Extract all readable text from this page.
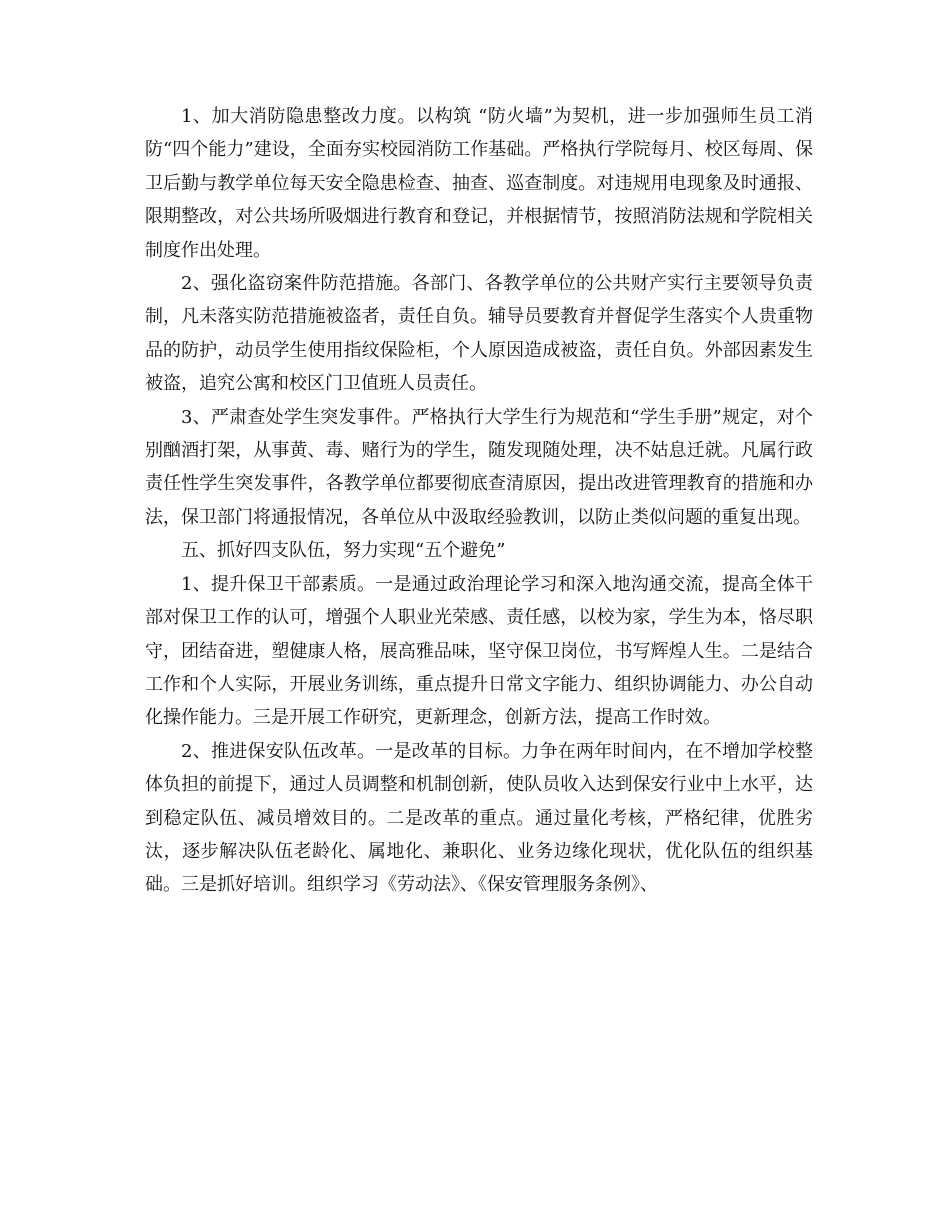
1、加大消防隐患整改力度。以构筑 “防火墙”为契机，进一步加强师生员工消防“四个能力”建设，全面夯实校园消防工作基础。严格执行学院每月、校区每周、保卫后勤与教学单位每天安全隐患检查、抽查、巡查制度。对违规用电现象及时通报、限期整改，对公共场所吸烟进行教育和登记，并根据情节，按照消防法规和学院相关制度作出处理。

2、强化盗窃案件防范措施。各部门、各教学单位的公共财产实行主要领导负责制，凡未落实防范措施被盗者，责任自负。辅导员要教育并督促学生落实个人贵重物品的防护，动员学生使用指纹保险柜，个人原因造成被盗，责任自负。外部因素发生被盗，追究公寓和校区门卫值班人员责任。

3、严肃查处学生突发事件。严格执行大学生行为规范和“学生手册”规定，对个别酗酒打架，从事黄、毒、赌行为的学生，随发现随处理，决不姑息迁就。凡属行政责任性学生突发事件，各教学单位都要彻底查清原因，提出改进管理教育的措施和办法，保卫部门将通报情况，各单位从中汲取经验教训，以防止类似问题的重复出现。

五、抓好四支队伍，努力实现“五个避免”

1、提升保卫干部素质。一是通过政治理论学习和深入地沟通交流，提高全体干部对保卫工作的认可，增强个人职业光荣感、责任感，以校为家，学生为本，恪尽职守，团结奋进，塑健康人格，展高雅品味，坚守保卫岗位，书写辉煌人生。二是结合工作和个人实际，开展业务训练，重点提升日常文字能力、组织协调能力、办公自动化操作能力。三是开展工作研究，更新理念，创新方法，提高工作时效。

2、推进保安队伍改革。一是改革的目标。力争在两年时间内，在不增加学校整体负担的前提下，通过人员调整和机制创新，使队员收入达到保安行业中上水平，达到稳定队伍、减员增效目的。二是改革的重点。通过量化考核，严格纪律，优胜劣汰，逐步解决队伍老龄化、属地化、兼职化、业务边缘化现状，优化队伍的组织基础。三是抓好培训。组织学习《劳动法》、《保安管理服务条例》、
